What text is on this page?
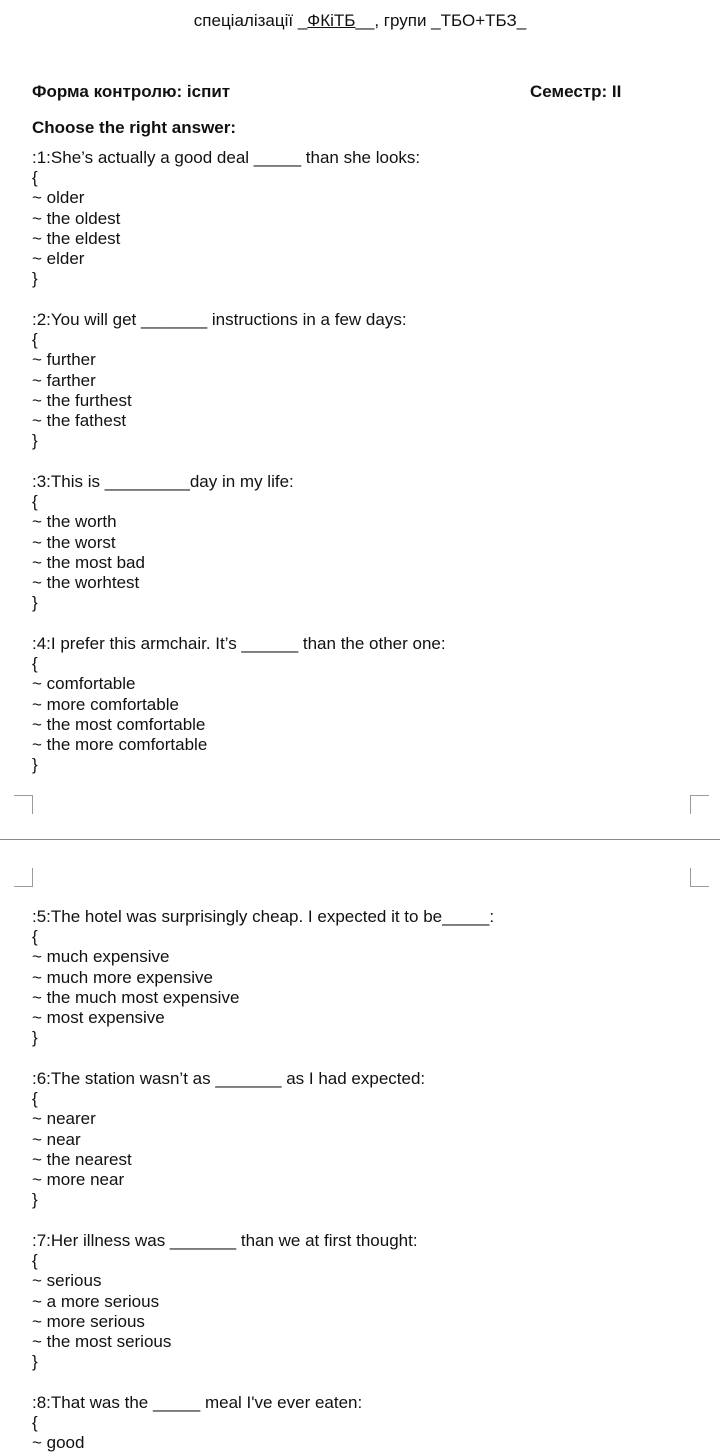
спеціалізації _ФКіТБ__, групи _ТБО+ТБЗ_
Форма контролю: іспит	Семестр: II
Choose the right answer:
:1:She’s actually a good deal _____ than she looks:
{
~ older
~ the oldest
~ the eldest
~ elder
}
:2:You will get _______ instructions in a few days:
{
~ further
~ farther
~ the furthest
~ the fathest
}
:3:This is _________day in my life:
{
~ the worth
~ the worst
~ the most bad
~ the worhtest
}
:4:I prefer this armchair. It’s ______ than the other one:
{
~ comfortable
~ more comfortable
~ the most comfortable
~ the more comfortable
}
:5:The hotel was surprisingly cheap. I expected it to be_____:
{
~ much expensive
~ much more expensive
~ the much most expensive
~ most expensive
}
:6:The station wasn’t as _______ as I had expected:
{
~ nearer
~ near
~ the nearest
~ more near
}
:7:Her illness was _______ than we at first thought:
{
~ serious
~ a more serious
~ more serious
~ the most serious
}
:8:That was the _____ meal I've ever eaten:
{
~ good
